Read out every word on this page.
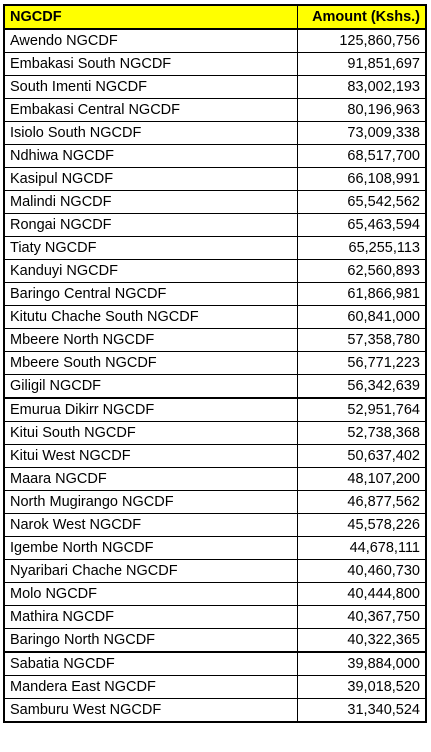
NGCDF	Amount (Kshs.)
Awendo NGCDF	125,860,756
Embakasi South NGCDF	91,851,697
South Imenti NGCDF	83,002,193
Embakasi Central NGCDF	80,196,963
Isiolo South NGCDF	73,009,338
Ndhiwa NGCDF	68,517,700
Kasipul NGCDF	66,108,991
Malindi NGCDF	65,542,562
Rongai NGCDF	65,463,594
Tiaty NGCDF	65,255,113
Kanduyi NGCDF	62,560,893
Baringo Central NGCDF	61,866,981
Kitutu Chache South NGCDF	60,841,000
Mbeere North NGCDF	57,358,780
Mbeere South NGCDF	56,771,223
Giligil NGCDF	56,342,639
Emurua Dikirr NGCDF	52,951,764
Kitui South NGCDF	52,738,368
Kitui West NGCDF	50,637,402
Maara NGCDF	48,107,200
North Mugirango NGCDF	46,877,562
Narok West NGCDF	45,578,226
Igembe North NGCDF	44,678,111
Nyaribari Chache NGCDF	40,460,730
Molo NGCDF	40,444,800
Mathira NGCDF	40,367,750
Baringo North NGCDF	40,322,365
Sabatia NGCDF	39,884,000
Mandera East NGCDF	39,018,520
Samburu West NGCDF	31,340,524
